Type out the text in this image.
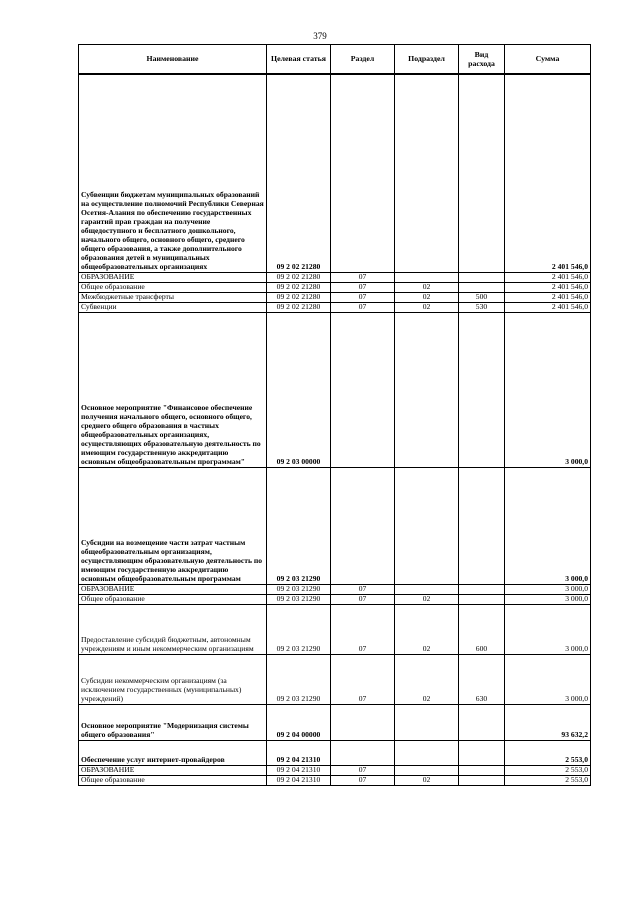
379
Наименование	Целевая статья	Раздел	Подраздел	Вид расхода	Сумма
Субвенции бюджетам муниципальных образований на осуществление полномочий Республики Северная Осетия-Алания по обеспечению государственных гарантий прав граждан на получение общедоступного и бесплатного дошкольного, начального общего, основного общего, среднего общего образования, а также дополнительного образования детей в муниципальных общеобразовательных организациях	09 2 02 21280				2 401 546,0
ОБРАЗОВАНИЕ	09 2 02 21280	07			2 401 546,0
Общее образование	09 2 02 21280	07	02		2 401 546,0
Межбюджетные трансферты	09 2 02 21280	07	02	500	2 401 546,0
Субвенции	09 2 02 21280	07	02	530	2 401 546,0
Основное мероприятие "Финансовое обеспечение получения начального общего, основного общего, среднего общего образования в частных общеобразовательных организациях, осуществляющих образовательную деятельность по имеющим государственную аккредитацию основным общеобразовательным программам"	09 2 03 00000				3 000,0
Субсидии на возмещение части затрат частным общеобразовательным организациям, осуществляющим образовательную деятельность по имеющим государственную аккредитацию основным общеобразовательным программам	09 2 03 21290				3 000,0
ОБРАЗОВАНИЕ	09 2 03 21290	07			3 000,0
Общее образование	09 2 03 21290	07	02		3 000,0
Предоставление субсидий бюджетным, автономным учреждениям и иным некоммерческим организациям	09 2 03 21290	07	02	600	3 000,0
Субсидии некоммерческим организациям (за исключением государственных (муниципальных) учреждений)	09 2 03 21290	07	02	630	3 000,0
Основное мероприятие "Модернизация системы общего образования"	09 2 04 00000				93 632,2
Обеспечение услуг интернет-провайдеров	09 2 04 21310				2 553,0
ОБРАЗОВАНИЕ	09 2 04 21310	07			2 553,0
Общее образование	09 2 04 21310	07	02		2 553,0
